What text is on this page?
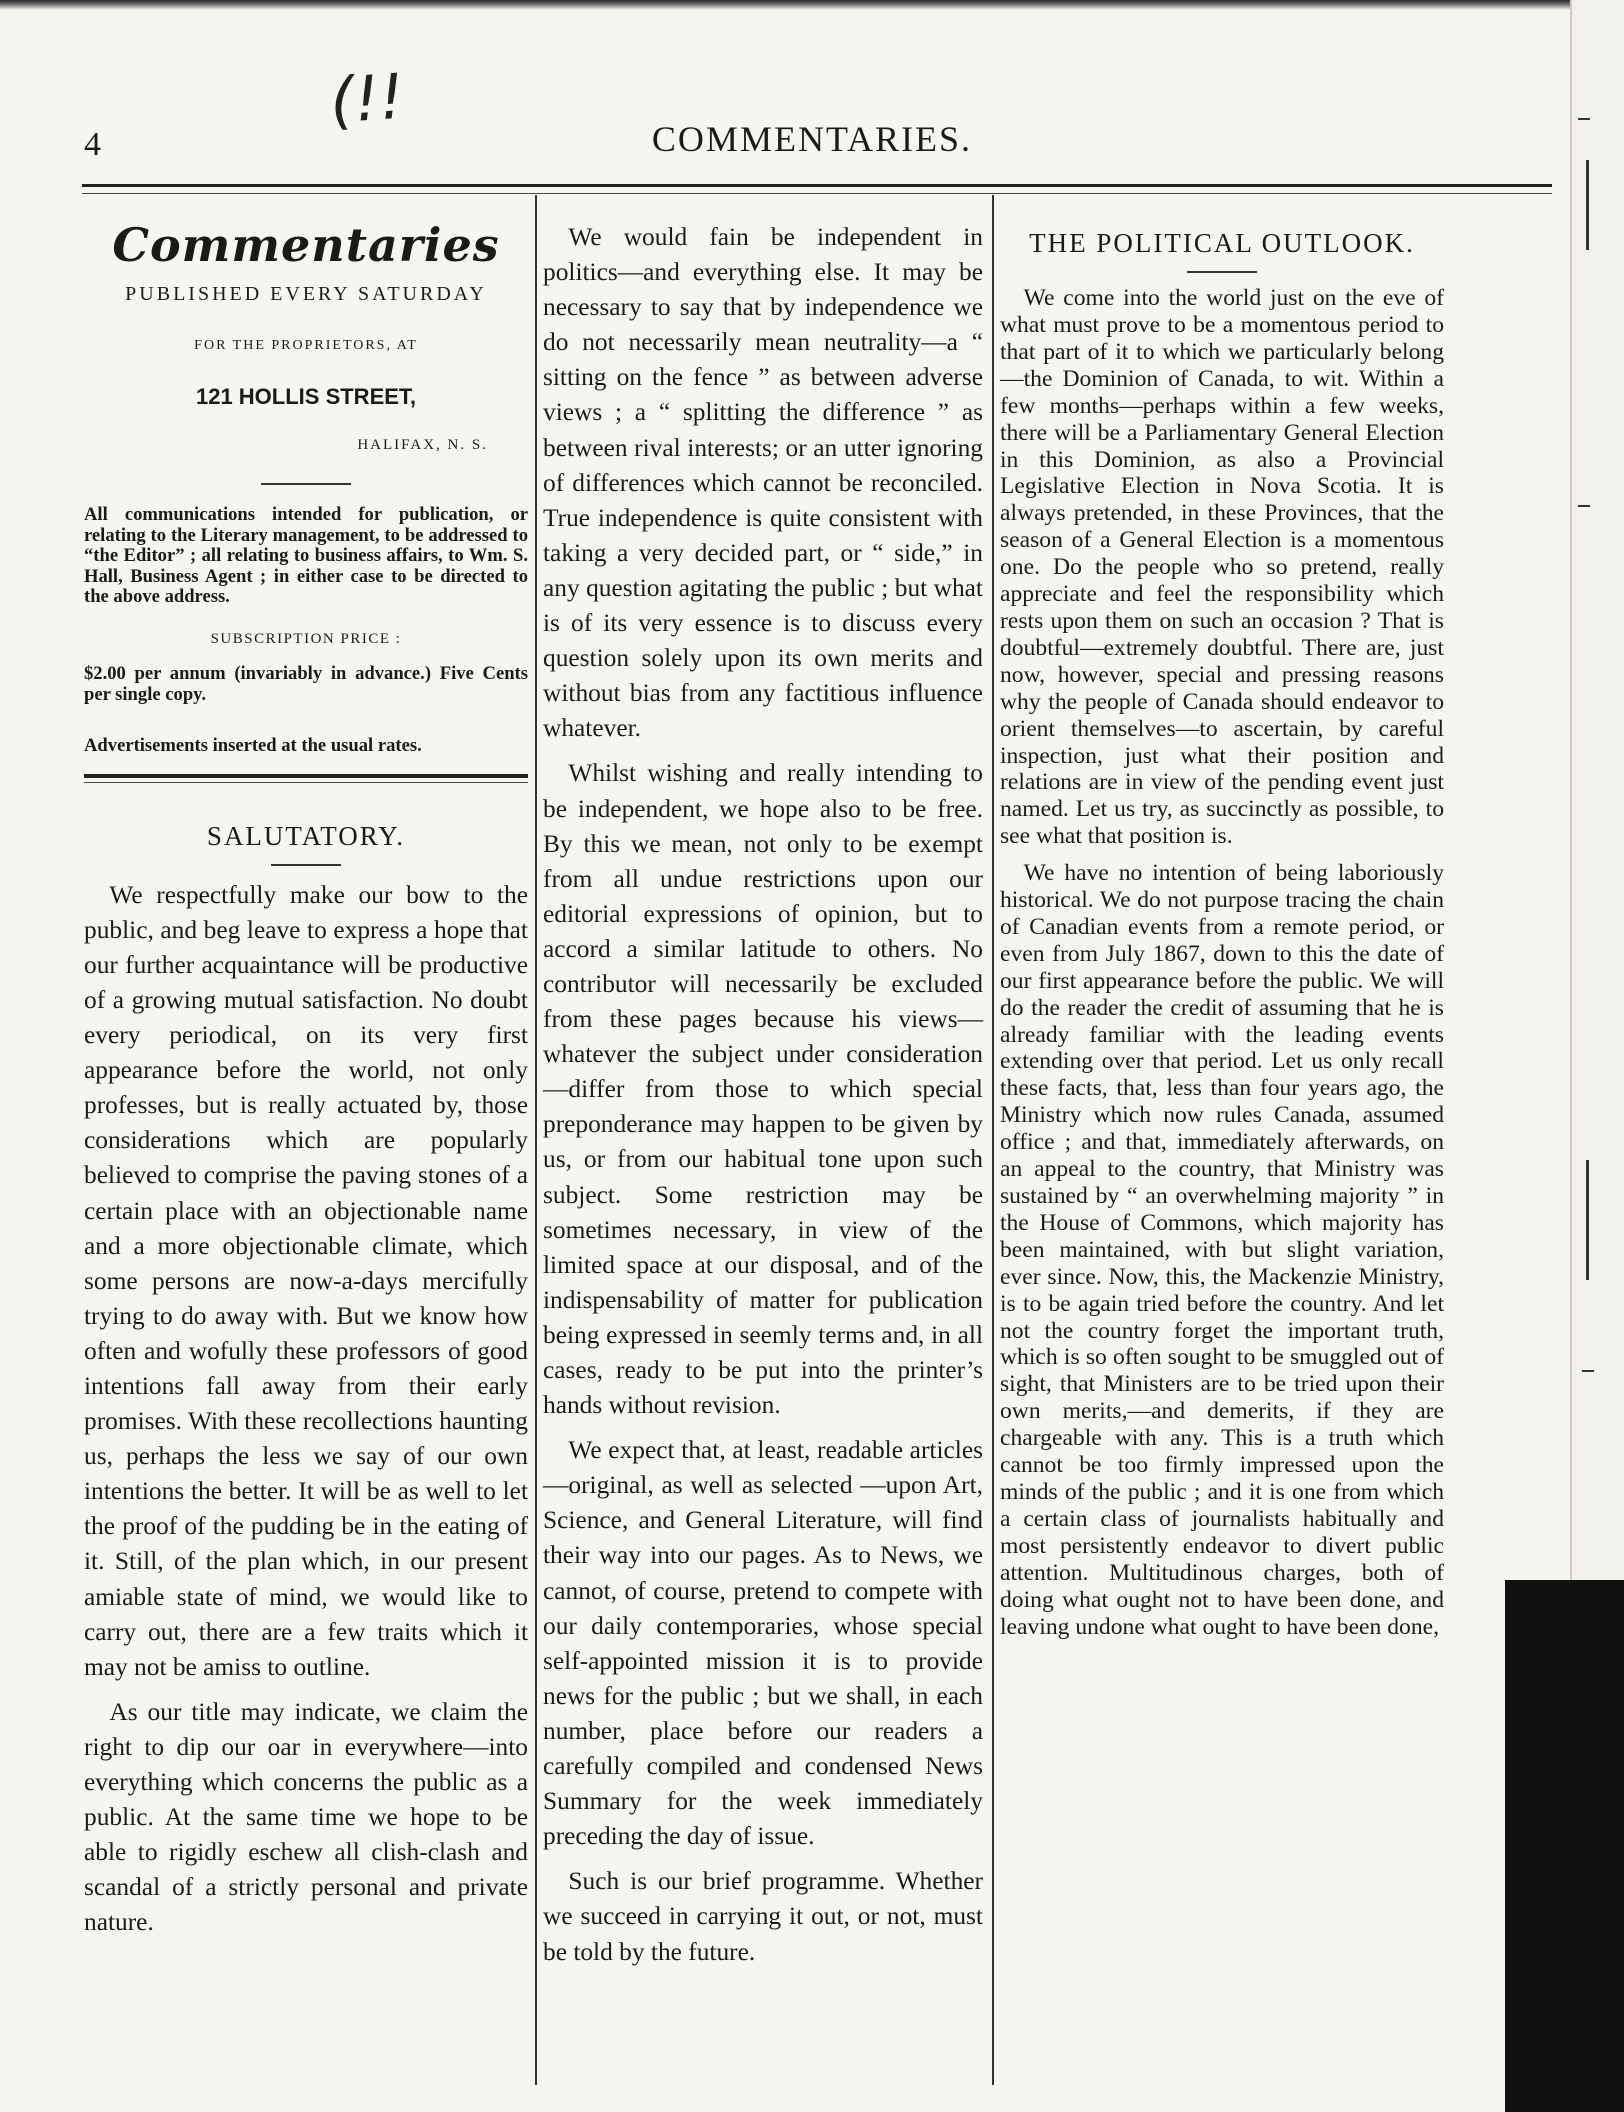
(!!
4	COMMENTARIES.
Commentaries
PUBLISHED EVERY SATURDAY
FOR THE PROPRIETORS, AT
121 HOLLIS STREET,
HALIFAX, N. S.
All communications intended for publication, or relating to the Literary management, to be addressed to “the Editor” ; all relating to business affairs, to Wm. S. Hall, Business Agent ; in either case to be directed to the above address.
SUBSCRIPTION PRICE :
$2.00 per annum (invariably in advance.) Five Cents per single copy.
Advertisements inserted at the usual rates.
SALUTATORY.

We respectfully make our bow to the public, and beg leave to express a hope that our further acquaintance will be productive of a growing mutual satisfaction. No doubt every periodical, on its very first appearance before the world, not only professes, but is really actuated by, those considerations which are popularly believed to comprise the paving stones of a certain place with an objectionable name and a more objectionable climate, which some persons are now-a-days mercifully trying to do away with. But we know how often and wofully these professors of good intentions fall away from their early promises. With these recollections haunting us, perhaps the less we say of our own intentions the better. It will be as well to let the proof of the pudding be in the eating of it. Still, of the plan which, in our present amiable state of mind, we would like to carry out, there are a few traits which it may not be amiss to outline.

As our title may indicate, we claim the right to dip our oar in everywhere—into everything which concerns the public as a public. At the same time we hope to be able to rigidly eschew all clish-clash and scandal of a strictly personal and private nature.

We would fain be independent in politics—and everything else. It may be necessary to say that by independence we do not necessarily mean neutrality—a “ sitting on the fence ” as between adverse views ; a “ splitting the difference ” as between rival interests; or an utter ignoring of differences which cannot be reconciled. True independence is quite consistent with taking a very decided part, or “ side,” in any question agitating the public ; but what is of its very essence is to discuss every question solely upon its own merits and without bias from any factitious influence whatever.

Whilst wishing and really intending to be independent, we hope also to be free. By this we mean, not only to be exempt from all undue restrictions upon our editorial expressions of opinion, but to accord a similar latitude to others. No contributor will necessarily be excluded from these pages because his views—whatever the subject under consideration—differ from those to which special preponderance may happen to be given by us, or from our habitual tone upon such subject. Some restriction may be sometimes necessary, in view of the limited space at our disposal, and of the indispensability of matter for publication being expressed in seemly terms and, in all cases, ready to be put into the printer’s hands without revision.

We expect that, at least, readable articles—original, as well as selected —upon Art, Science, and General Literature, will find their way into our pages. As to News, we cannot, of course, pretend to compete with our daily contemporaries, whose special self-appointed mission it is to provide news for the public ; but we shall, in each number, place before our readers a carefully compiled and condensed News Summary for the week immediately preceding the day of issue.

Such is our brief programme. Whether we succeed in carrying it out, or not, must be told by the future.

THE POLITICAL OUTLOOK.

We come into the world just on the eve of what must prove to be a momentous period to that part of it to which we particularly belong—the Dominion of Canada, to wit. Within a few months—perhaps within a few weeks, there will be a Parliamentary General Election in this Dominion, as also a Provincial Legislative Election in Nova Scotia. It is always pretended, in these Provinces, that the season of a General Election is a momentous one. Do the people who so pretend, really appreciate and feel the responsibility which rests upon them on such an occasion ? That is doubtful—extremely doubtful. There are, just now, however, special and pressing reasons why the people of Canada should endeavor to orient themselves—to ascertain, by careful inspection, just what their position and relations are in view of the pending event just named. Let us try, as succinctly as possible, to see what that position is.

We have no intention of being laboriously historical. We do not purpose tracing the chain of Canadian events from a remote period, or even from July 1867, down to this the date of our first appearance before the public. We will do the reader the credit of assuming that he is already familiar with the leading events extending over that period. Let us only recall these facts, that, less than four years ago, the Ministry which now rules Canada, assumed office ; and that, immediately afterwards, on an appeal to the country, that Ministry was sustained by “ an overwhelming majority ” in the House of Commons, which majority has been maintained, with but slight variation, ever since. Now, this, the Mackenzie Ministry, is to be again tried before the country. And let not the country forget the important truth, which is so often sought to be smuggled out of sight, that Ministers are to be tried upon their own merits,—and demerits, if they are chargeable with any. This is a truth which cannot be too firmly impressed upon the minds of the public ; and it is one from which a certain class of journalists habitually and most persistently endeavor to divert public attention. Multitudinous charges, both of doing what ought not to have been done, and leaving undone what ought to have been done,
